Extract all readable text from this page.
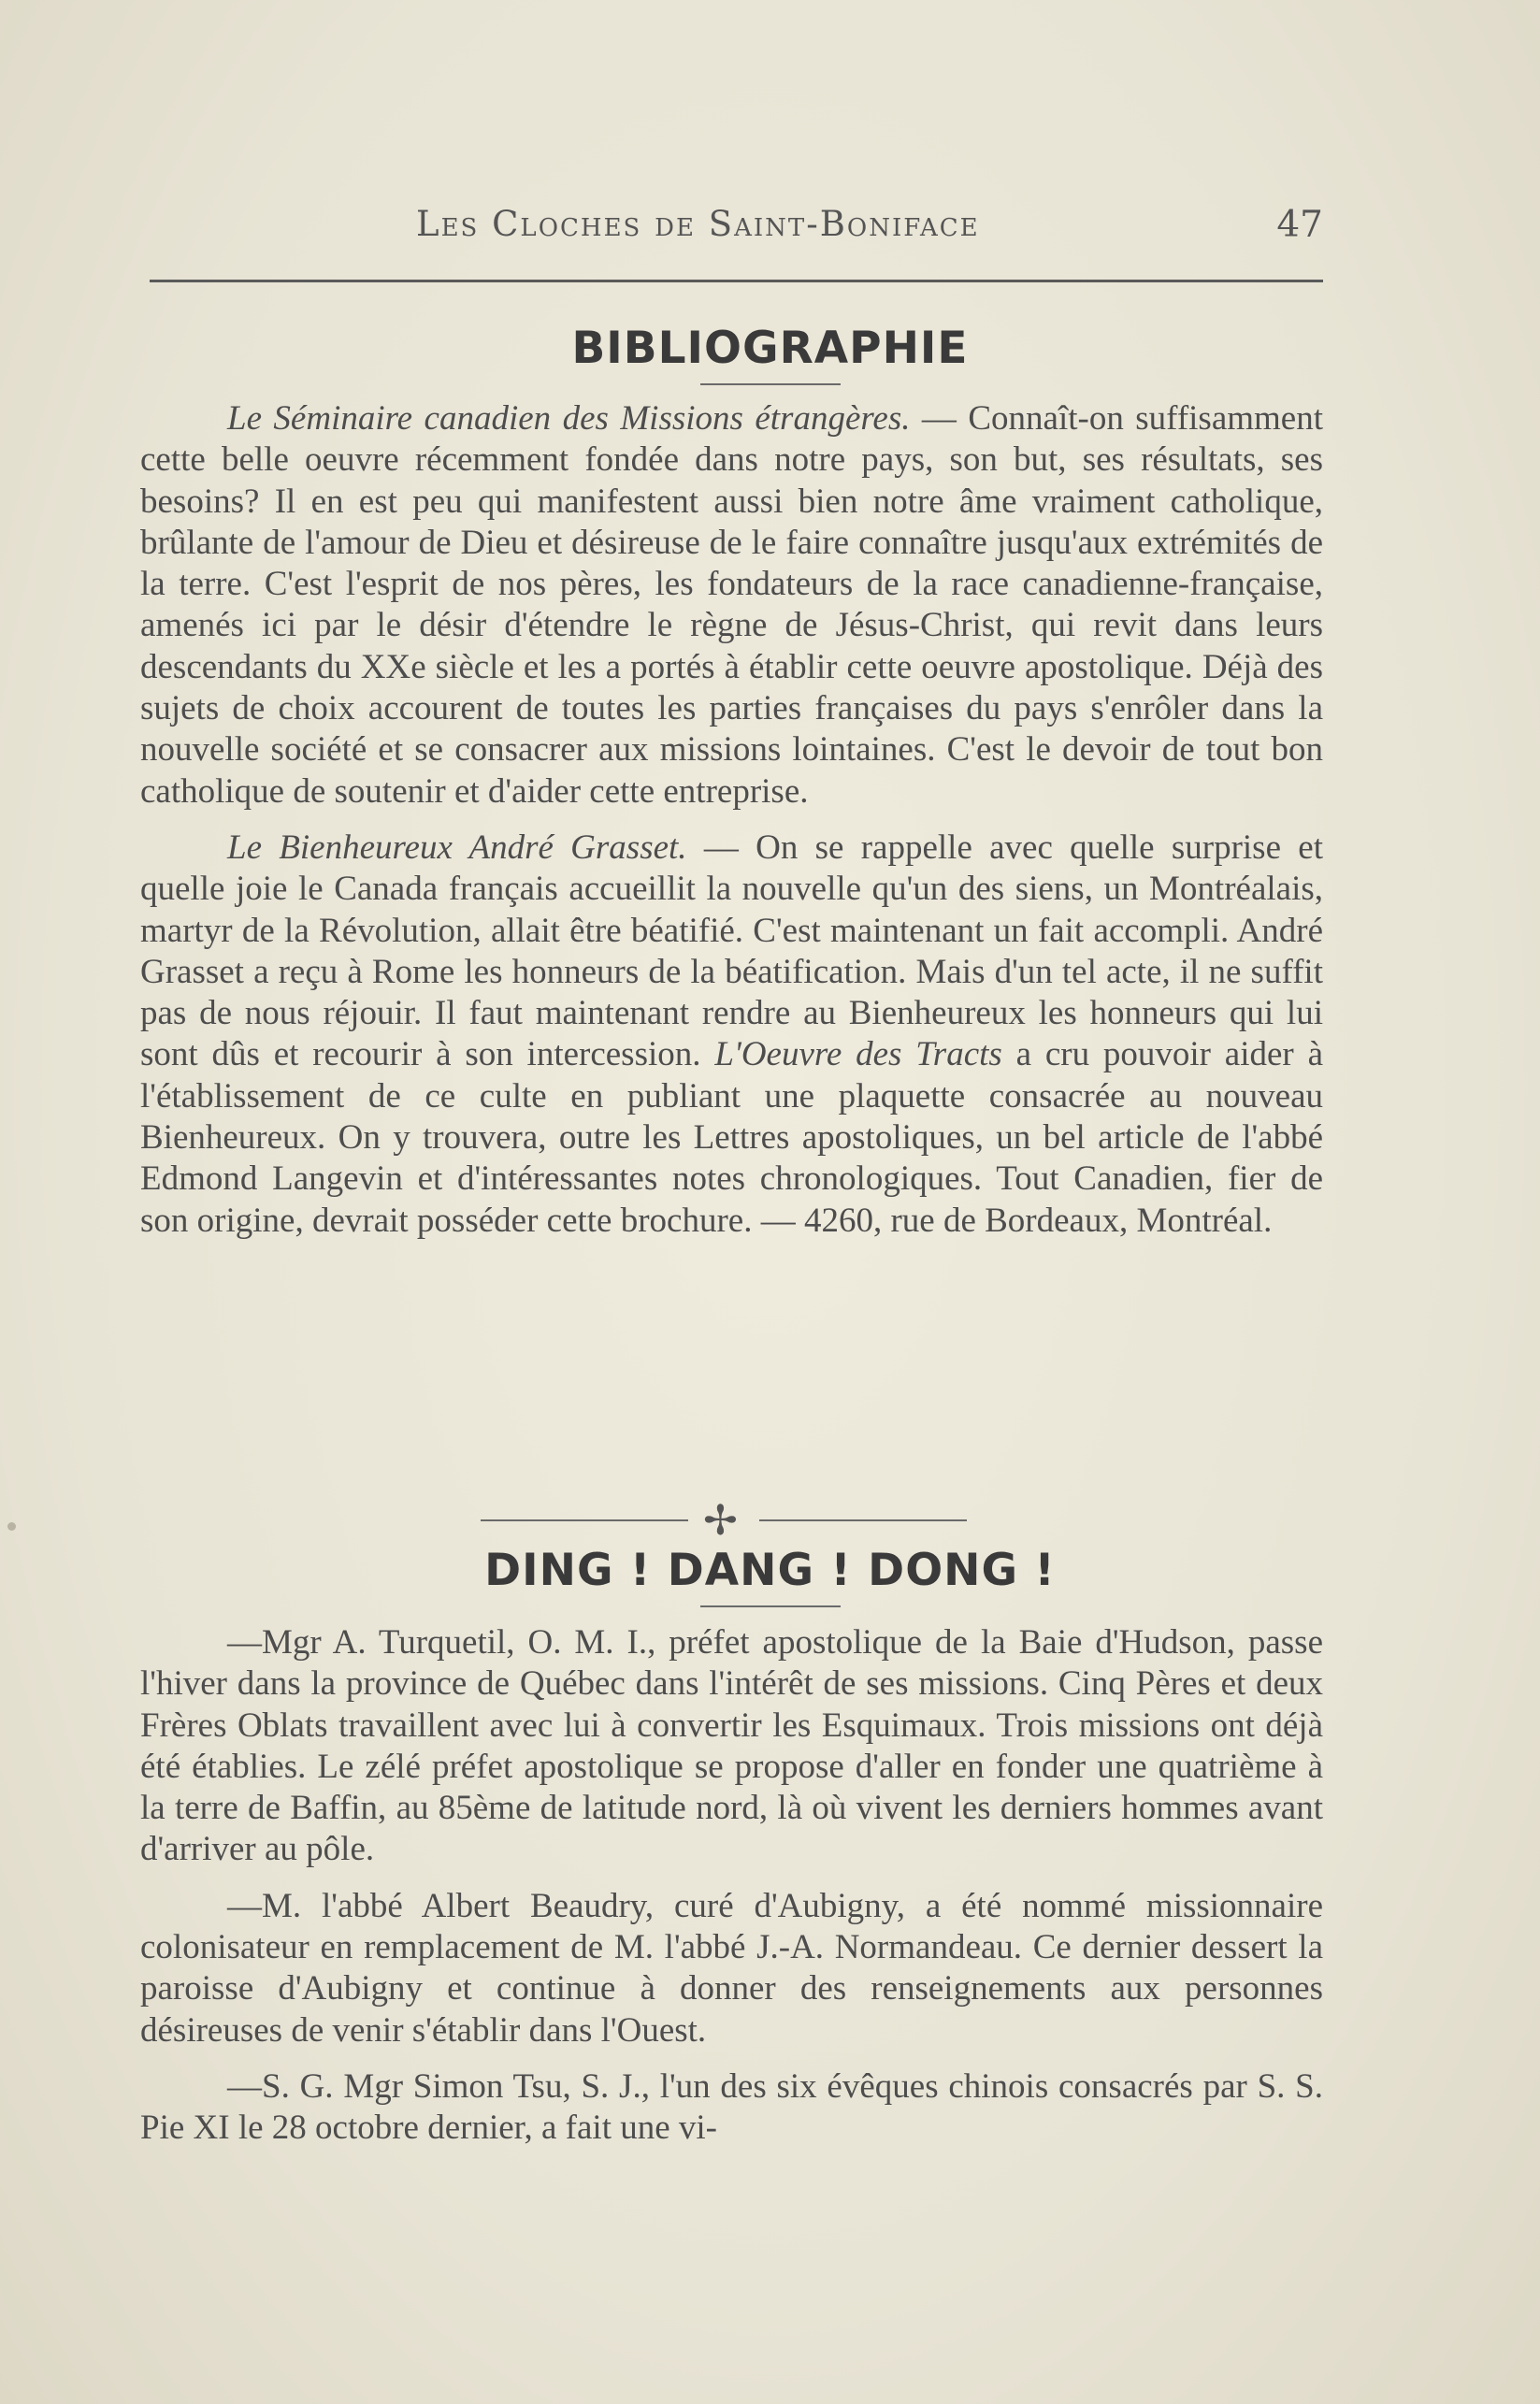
Les Cloches de Saint-Boniface	47
BIBLIOGRAPHIE

Le Séminaire canadien des Missions étrangères. — Connaît-on suffisamment cette belle oeuvre récemment fondée dans notre pays, son but, ses résultats, ses besoins? Il en est peu qui manifestent aussi bien notre âme vraiment catholique, brûlante de l'amour de Dieu et désireuse de le faire connaître jusqu'aux extrémités de la terre. C'est l'esprit de nos pères, les fondateurs de la race canadienne-française, amenés ici par le désir d'étendre le règne de Jésus-Christ, qui revit dans leurs descendants du XXe siècle et les a portés à établir cette oeuvre apostolique. Déjà des sujets de choix accourent de toutes les parties françaises du pays s'enrôler dans la nouvelle société et se consacrer aux missions lointaines. C'est le devoir de tout bon catholique de soutenir et d'aider cette entreprise.

Le Bienheureux André Grasset. — On se rappelle avec quelle surprise et quelle joie le Canada français accueillit la nouvelle qu'un des siens, un Montréalais, martyr de la Révolution, allait être béatifié. C'est maintenant un fait accompli. André Grasset a reçu à Rome les honneurs de la béatification. Mais d'un tel acte, il ne suffit pas de nous réjouir. Il faut maintenant rendre au Bienheureux les honneurs qui lui sont dûs et recourir à son intercession. L'Oeuvre des Tracts a cru pouvoir aider à l'établissement de ce culte en publiant une plaquette consacrée au nouveau Bienheureux. On y trouvera, outre les Lettres apostoliques, un bel article de l'abbé Edmond Langevin et d'intéressantes notes chronologiques. Tout Canadien, fier de son origine, devrait posséder cette brochure. — 4260, rue de Bordeaux, Montréal.

✢
DING ! DANG ! DONG !

—Mgr A. Turquetil, O. M. I., préfet apostolique de la Baie d'Hudson, passe l'hiver dans la province de Québec dans l'intérêt de ses missions. Cinq Pères et deux Frères Oblats travaillent avec lui à convertir les Esquimaux. Trois missions ont déjà été établies. Le zélé préfet apostolique se propose d'aller en fonder une quatrième à la terre de Baffin, au 85ème de latitude nord, là où vivent les derniers hommes avant d'arriver au pôle.

—M. l'abbé Albert Beaudry, curé d'Aubigny, a été nommé missionnaire colonisateur en remplacement de M. l'abbé J.-A. Normandeau. Ce dernier dessert la paroisse d'Aubigny et continue à donner des renseignements aux personnes désireuses de venir s'établir dans l'Ouest.

—S. G. Mgr Simon Tsu, S. J., l'un des six évêques chinois consacrés par S. S. Pie XI le 28 octobre dernier, a fait une vi-
